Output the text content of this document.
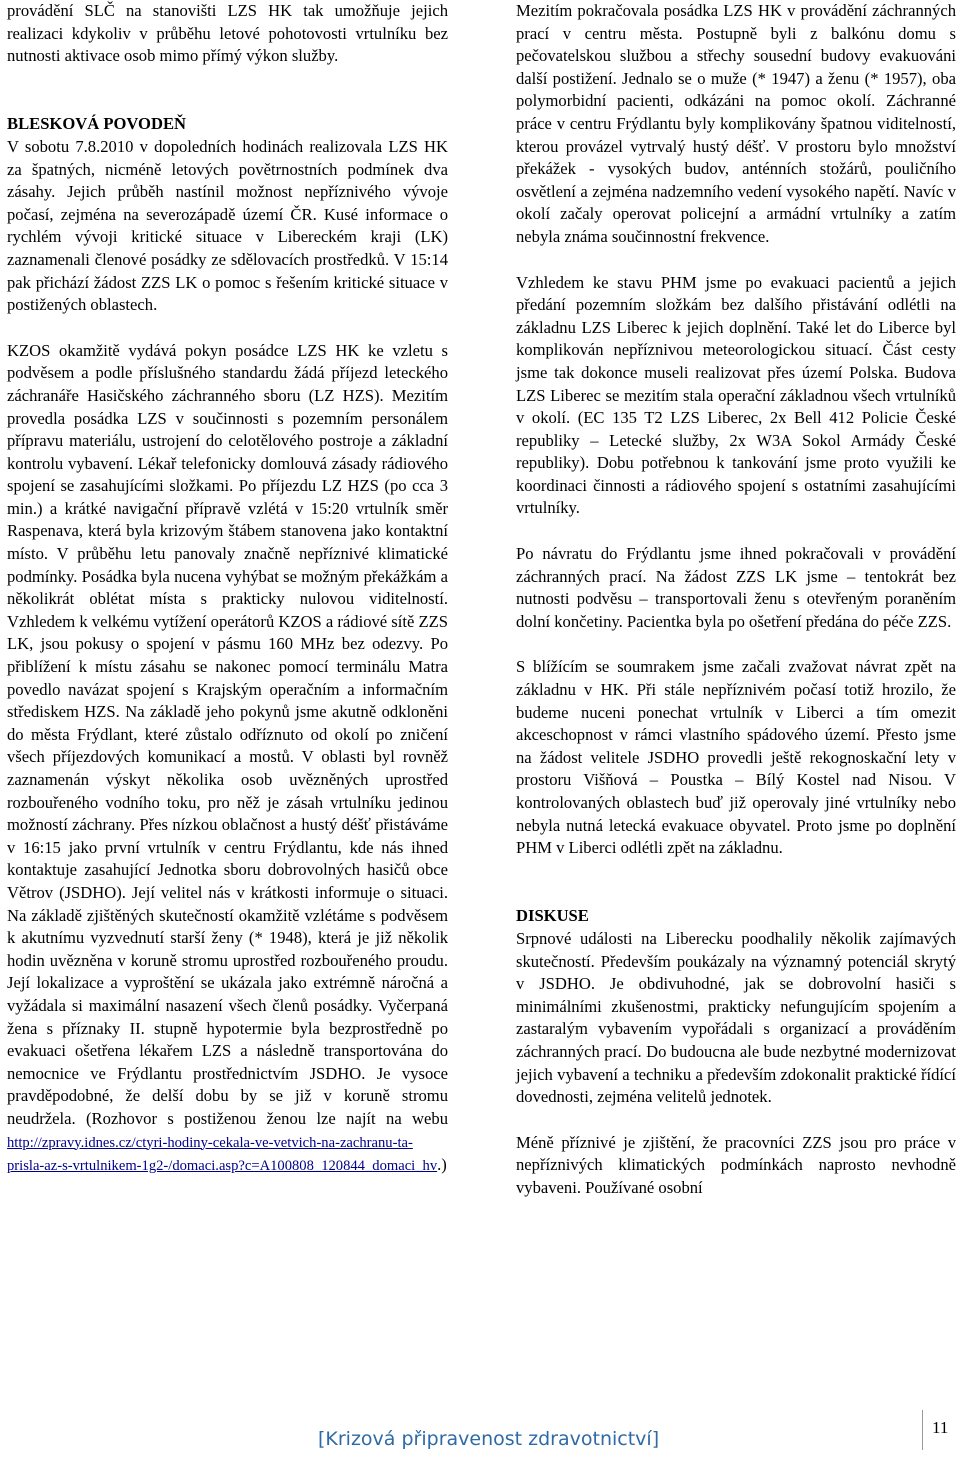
provádění SLČ na stanovišti LZS HK tak umožňuje jejich realizaci kdykoliv v průběhu letové pohotovosti vrtulníku bez nutnosti aktivace osob mimo přímý výkon služby.

BLESKOVÁ POVODEŇ

V sobotu 7.8.2010 v dopoledních hodinách realizovala LZS HK za špatných, nicméně letových povětrnostních podmínek dva zásahy. Jejich průběh nastínil možnost nepříznivého vývoje počasí, zejména na severozápadě území ČR. Kusé informace o rychlém vývoji kritické situace v Libereckém kraji (LK) zaznamenali členové posádky ze sdělovacích prostředků. V 15:14 pak přichází žádost ZZS LK o pomoc s řešením kritické situace v postižených oblastech.

KZOS okamžitě vydává pokyn posádce LZS HK ke vzletu s podvěsem a podle příslušného standardu žádá příjezd leteckého záchranáře Hasičského záchranného sboru (LZ HZS). Mezitím provedla posádka LZS v součinnosti s pozemním personálem přípravu materiálu, ustrojení do celotělového postroje a základní kontrolu vybavení. Lékař telefonicky domlouvá zásady rádiového spojení se zasahujícími složkami. Po příjezdu LZ HZS (po cca 3 min.) a krátké navigační přípravě vzlétá v 15:20 vrtulník směr Raspenava, která byla krizovým štábem stanovena jako kontaktní místo. V průběhu letu panovaly značně nepříznivé klimatické podmínky. Posádka byla nucena vyhýbat se možným překážkám a několikrát oblétat místa s prakticky nulovou viditelností. Vzhledem k velkému vytížení operátorů KZOS a rádiové sítě ZZS LK, jsou pokusy o spojení v pásmu 160 MHz bez odezvy. Po přiblížení k místu zásahu se nakonec pomocí terminálu Matra povedlo navázat spojení s Krajským operačním a informačním střediskem HZS. Na základě jeho pokynů jsme akutně odkloněni do města Frýdlant, které zůstalo odříznuto od okolí po zničení všech příjezdových komunikací a mostů. V oblasti byl rovněž zaznamenán výskyt několika osob uvězněných uprostřed rozbouřeného vodního toku, pro něž je zásah vrtulníku jedinou možností záchrany. Přes nízkou oblačnost a hustý déšť přistáváme v 16:15 jako první vrtulník v centru Frýdlantu, kde nás ihned kontaktuje zasahující Jednotka sboru dobrovolných hasičů obce Větrov (JSDHO). Její velitel nás v krátkosti informuje o situaci. Na základě zjištěných skutečností okamžitě vzlétáme s podvěsem k akutnímu vyzvednutí starší ženy (* 1948), která je již několik hodin uvězněna v koruně stromu uprostřed rozbouřeného proudu. Její lokalizace a vyproštění se ukázala jako extrémně náročná a vyžádala si maximální nasazení všech členů posádky. Vyčerpaná žena s příznaky II. stupně hypotermie byla bezprostředně po evakuaci ošetřena lékařem LZS a následně transportována do nemocnice ve Frýdlantu prostřednictvím JSDHO. Je vysoce pravděpodobné, že delší dobu by se již v koruně stromu neudržela. (Rozhovor s postiženou ženou lze najít na webu http://zpravy.idnes.cz/ctyri-hodiny-cekala-ve-vetvich-na-zachranu-ta-prisla-az-s-vrtulnikem-1g2-/domaci.asp?c=A100808_120844_domaci_hv.)

Mezitím pokračovala posádka LZS HK v provádění záchranných prací v centru města. Postupně byli z balkónu domu s pečovatelskou službou a střechy sousední budovy evakuováni další postižení. Jednalo se o muže (* 1947) a ženu (* 1957), oba polymorbidní pacienti, odkázáni na pomoc okolí. Záchranné práce v centru Frýdlantu byly komplikovány špatnou viditelností, kterou provázel vytrvalý hustý déšť. V prostoru bylo množství překážek - vysokých budov, anténních stožárů, pouličního osvětlení a zejména nadzemního vedení vysokého napětí. Navíc v okolí začaly operovat policejní a armádní vrtulníky a zatím nebyla známa součinnostní frekvence.

Vzhledem ke stavu PHM jsme po evakuaci pacientů a jejich předání pozemním složkám bez dalšího přistávání odlétli na základnu LZS Liberec k jejich doplnění. Také let do Liberce byl komplikován nepříznivou meteorologickou situací. Část cesty jsme tak dokonce museli realizovat přes území Polska. Budova LZS Liberec se mezitím stala operační základnou všech vrtulníků v okolí. (EC 135 T2 LZS Liberec, 2x Bell 412 Policie České republiky – Letecké služby, 2x W3A Sokol Armády České republiky). Dobu potřebnou k tankování jsme proto využili ke koordinaci činnosti a rádiového spojení s ostatními zasahujícími vrtulníky.

Po návratu do Frýdlantu jsme ihned pokračovali v provádění záchranných prací. Na žádost ZZS LK jsme – tentokrát bez nutnosti podvěsu – transportovali ženu s otevřeným poraněním dolní končetiny. Pacientka byla po ošetření předána do péče ZZS.

S blížícím se soumrakem jsme začali zvažovat návrat zpět na základnu v HK. Při stále nepříznivém počasí totiž hrozilo, že budeme nuceni ponechat vrtulník v Liberci a tím omezit akceschopnost v rámci vlastního spádového území. Přesto jsme na žádost velitele JSDHO provedli ještě rekognoskační lety v prostoru Višňová – Poustka – Bílý Kostel nad Nisou. V kontrolovaných oblastech buď již operovaly jiné vrtulníky nebo nebyla nutná letecká evakuace obyvatel. Proto jsme po doplnění PHM v Liberci odlétli zpět na základnu.

DISKUSE

Srpnové události na Liberecku poodhalily několik zajímavých skutečností. Především poukázaly na významný potenciál skrytý v JSDHO. Je obdivuhodné, jak se dobrovolní hasiči s minimálními zkušenostmi, prakticky nefungujícím spojením a zastaralým vybavením vypořádali s organizací a prováděním záchranných prací. Do budoucna ale bude nezbytné modernizovat jejich vybavení a techniku a především zdokonalit praktické řídící dovednosti, zejména velitelů jednotek.

Méně příznivé je zjištění, že pracovníci ZZS jsou pro práce v nepříznivých klimatických podmínkách naprosto nevhodně vybaveni. Používané osobní

[Krizová připravenost zdravotnictví]
11
